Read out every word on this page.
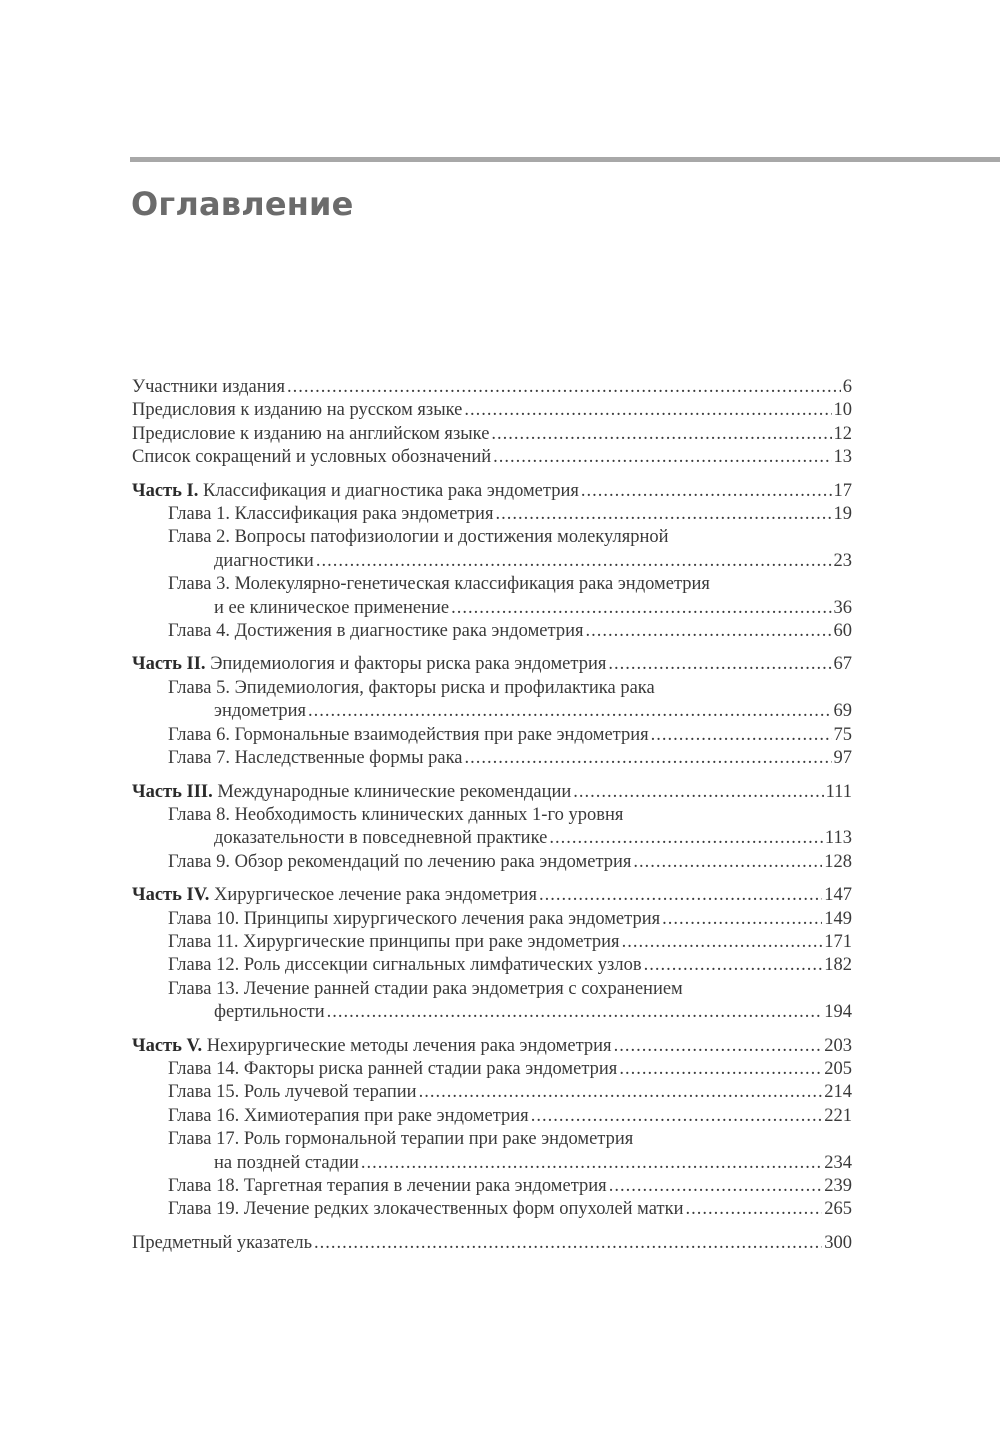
Оглавление
Участники издания .....	6
Предисловия к изданию на русском языке .....	10
Предисловие к изданию на английском языке .....	12
Список сокращений и условных обозначений .....	13
Часть I. Классификация и диагностика рака эндометрия .....	17
Глава 1. Классификация рака эндометрия .....	19
Глава 2. Вопросы патофизиологии и достижения молекулярной
диагностики .....	23
Глава 3. Молекулярно-генетическая классификация рака эндометрия
и ее клиническое применение .....	36
Глава 4. Достижения в диагностике рака эндометрия .....	60
Часть II. Эпидемиология и факторы риска рака эндометрия .....	67
Глава 5. Эпидемиология, факторы риска и профилактика рака
эндометрия .....	69
Глава 6. Гормональные взаимодействия при раке эндометрия .....	75
Глава 7. Наследственные формы рака .....	97
Часть III. Международные клинические рекомендации .....	111
Глава 8. Необходимость клинических данных 1-го уровня
доказательности в повседневной практике .....	113
Глава 9. Обзор рекомендаций по лечению рака эндометрия .....	128
Часть IV. Хирургическое лечение рака эндометрия .....	147
Глава 10. Принципы хирургического лечения рака эндометрия .....	149
Глава 11. Хирургические принципы при раке эндометрия .....	171
Глава 12. Роль диссекции сигнальных лимфатических узлов .....	182
Глава 13. Лечение ранней стадии рака эндометрия с сохранением
фертильности .....	194
Часть V. Нехирургические методы лечения рака эндометрия .....	203
Глава 14. Факторы риска ранней стадии рака эндометрия .....	205
Глава 15. Роль лучевой терапии .....	214
Глава 16. Химиотерапия при раке эндометрия .....	221
Глава 17. Роль гормональной терапии при раке эндометрия
на поздней стадии .....	234
Глава 18. Таргетная терапия в лечении рака эндометрия .....	239
Глава 19. Лечение редких злокачественных форм опухолей матки .....	265
Предметный указатель .....	300
